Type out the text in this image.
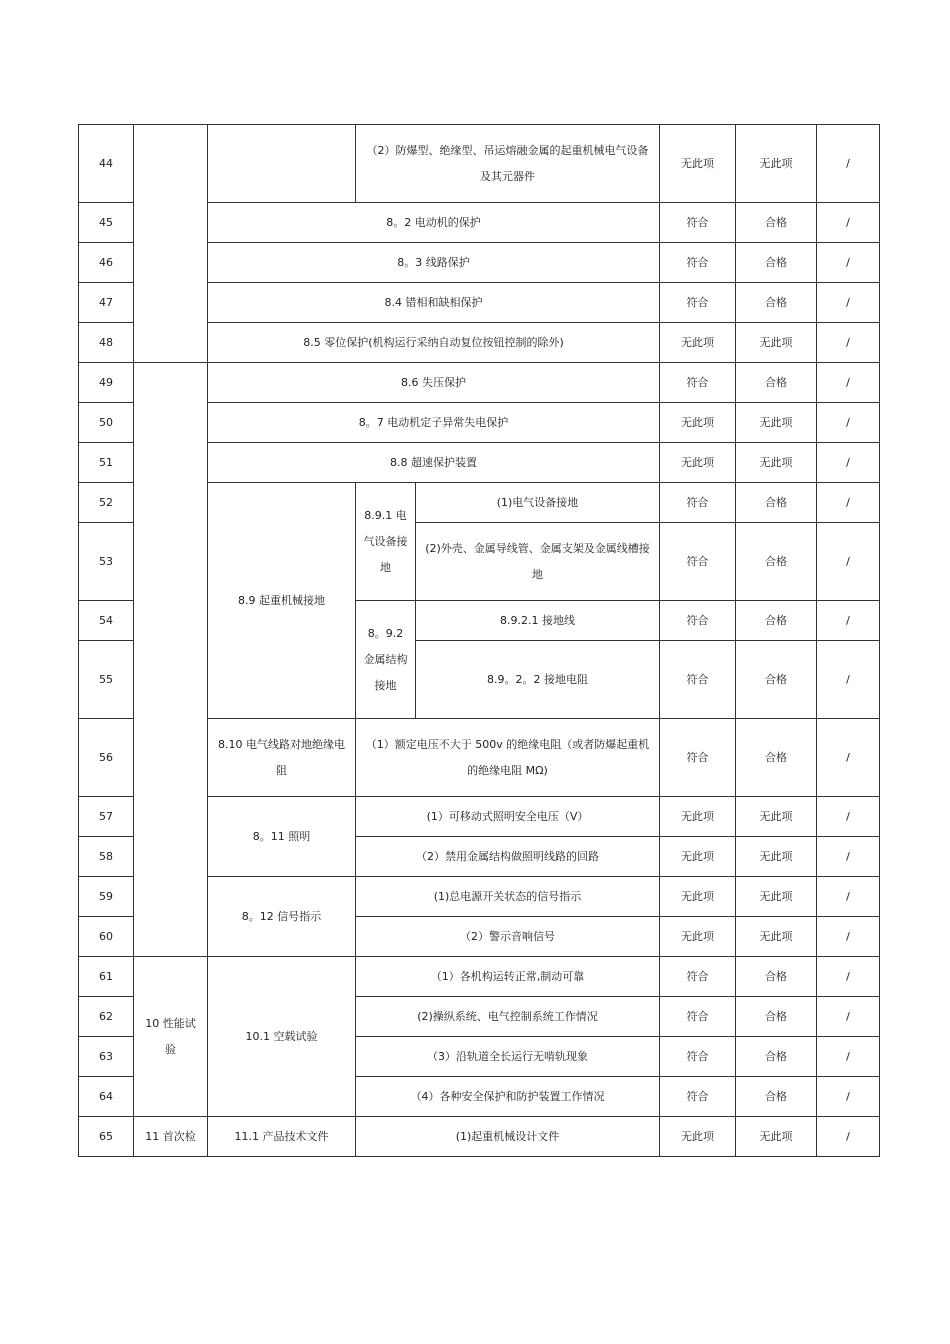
44			（2）防爆型、绝缘型、吊运熔融金属的起重机械电气设备及其元器件		无此项	无此项	/
45		8。2 电动机的保护			符合	合格	/
46		8。3 线路保护			符合	合格	/
47		8.4 错相和缺相保护			符合	合格	/
48		8.5 零位保护(机构运行采纳自动复位按钮控制的除外)			无此项	无此项	/
49		8.6 失压保护			符合	合格	/
50		8。7 电动机定子异常失电保护			无此项	无此项	/
51		8.8 超速保护装置			无此项	无此项	/
52		8.9 起重机械接地	8.9.1 电气设备接地	(1)电气设备接地	符合	合格	/
53				(2)外壳、金属导线管、金属支架及金属线槽接地	符合	合格	/
54			8。9.2 金属结构接地	8.9.2.1 接地线	符合	合格	/
55				8.9。2。2 接地电阻	符合	合格	/
56		8.10 电气线路对地绝缘电阻	（1）额定电压不大于 500v 的绝缘电阻（或者防爆起重机的绝缘电阻 MΩ)		符合	合格	/
57		8。11 照明	(1）可移动式照明安全电压（V）		无此项	无此项	/
58			（2）禁用金属结构做照明线路的回路		无此项	无此项	/
59		8。12 信号指示	(1)总电源开关状态的信号指示		无此项	无此项	/
60			（2）警示音响信号		无此项	无此项	/
61	10 性能试验	10.1 空载试验	（1）各机构运转正常,制动可靠		符合	合格	/
62			(2)操纵系统、电气控制系统工作情况		符合	合格	/
63			（3）沿轨道全长运行无啃轨现象		符合	合格	/
64			（4）各种安全保护和防护装置工作情况		符合	合格	/
65	11 首次检	11.1 产品技术文件	(1)起重机械设计文件		无此项	无此项	/
